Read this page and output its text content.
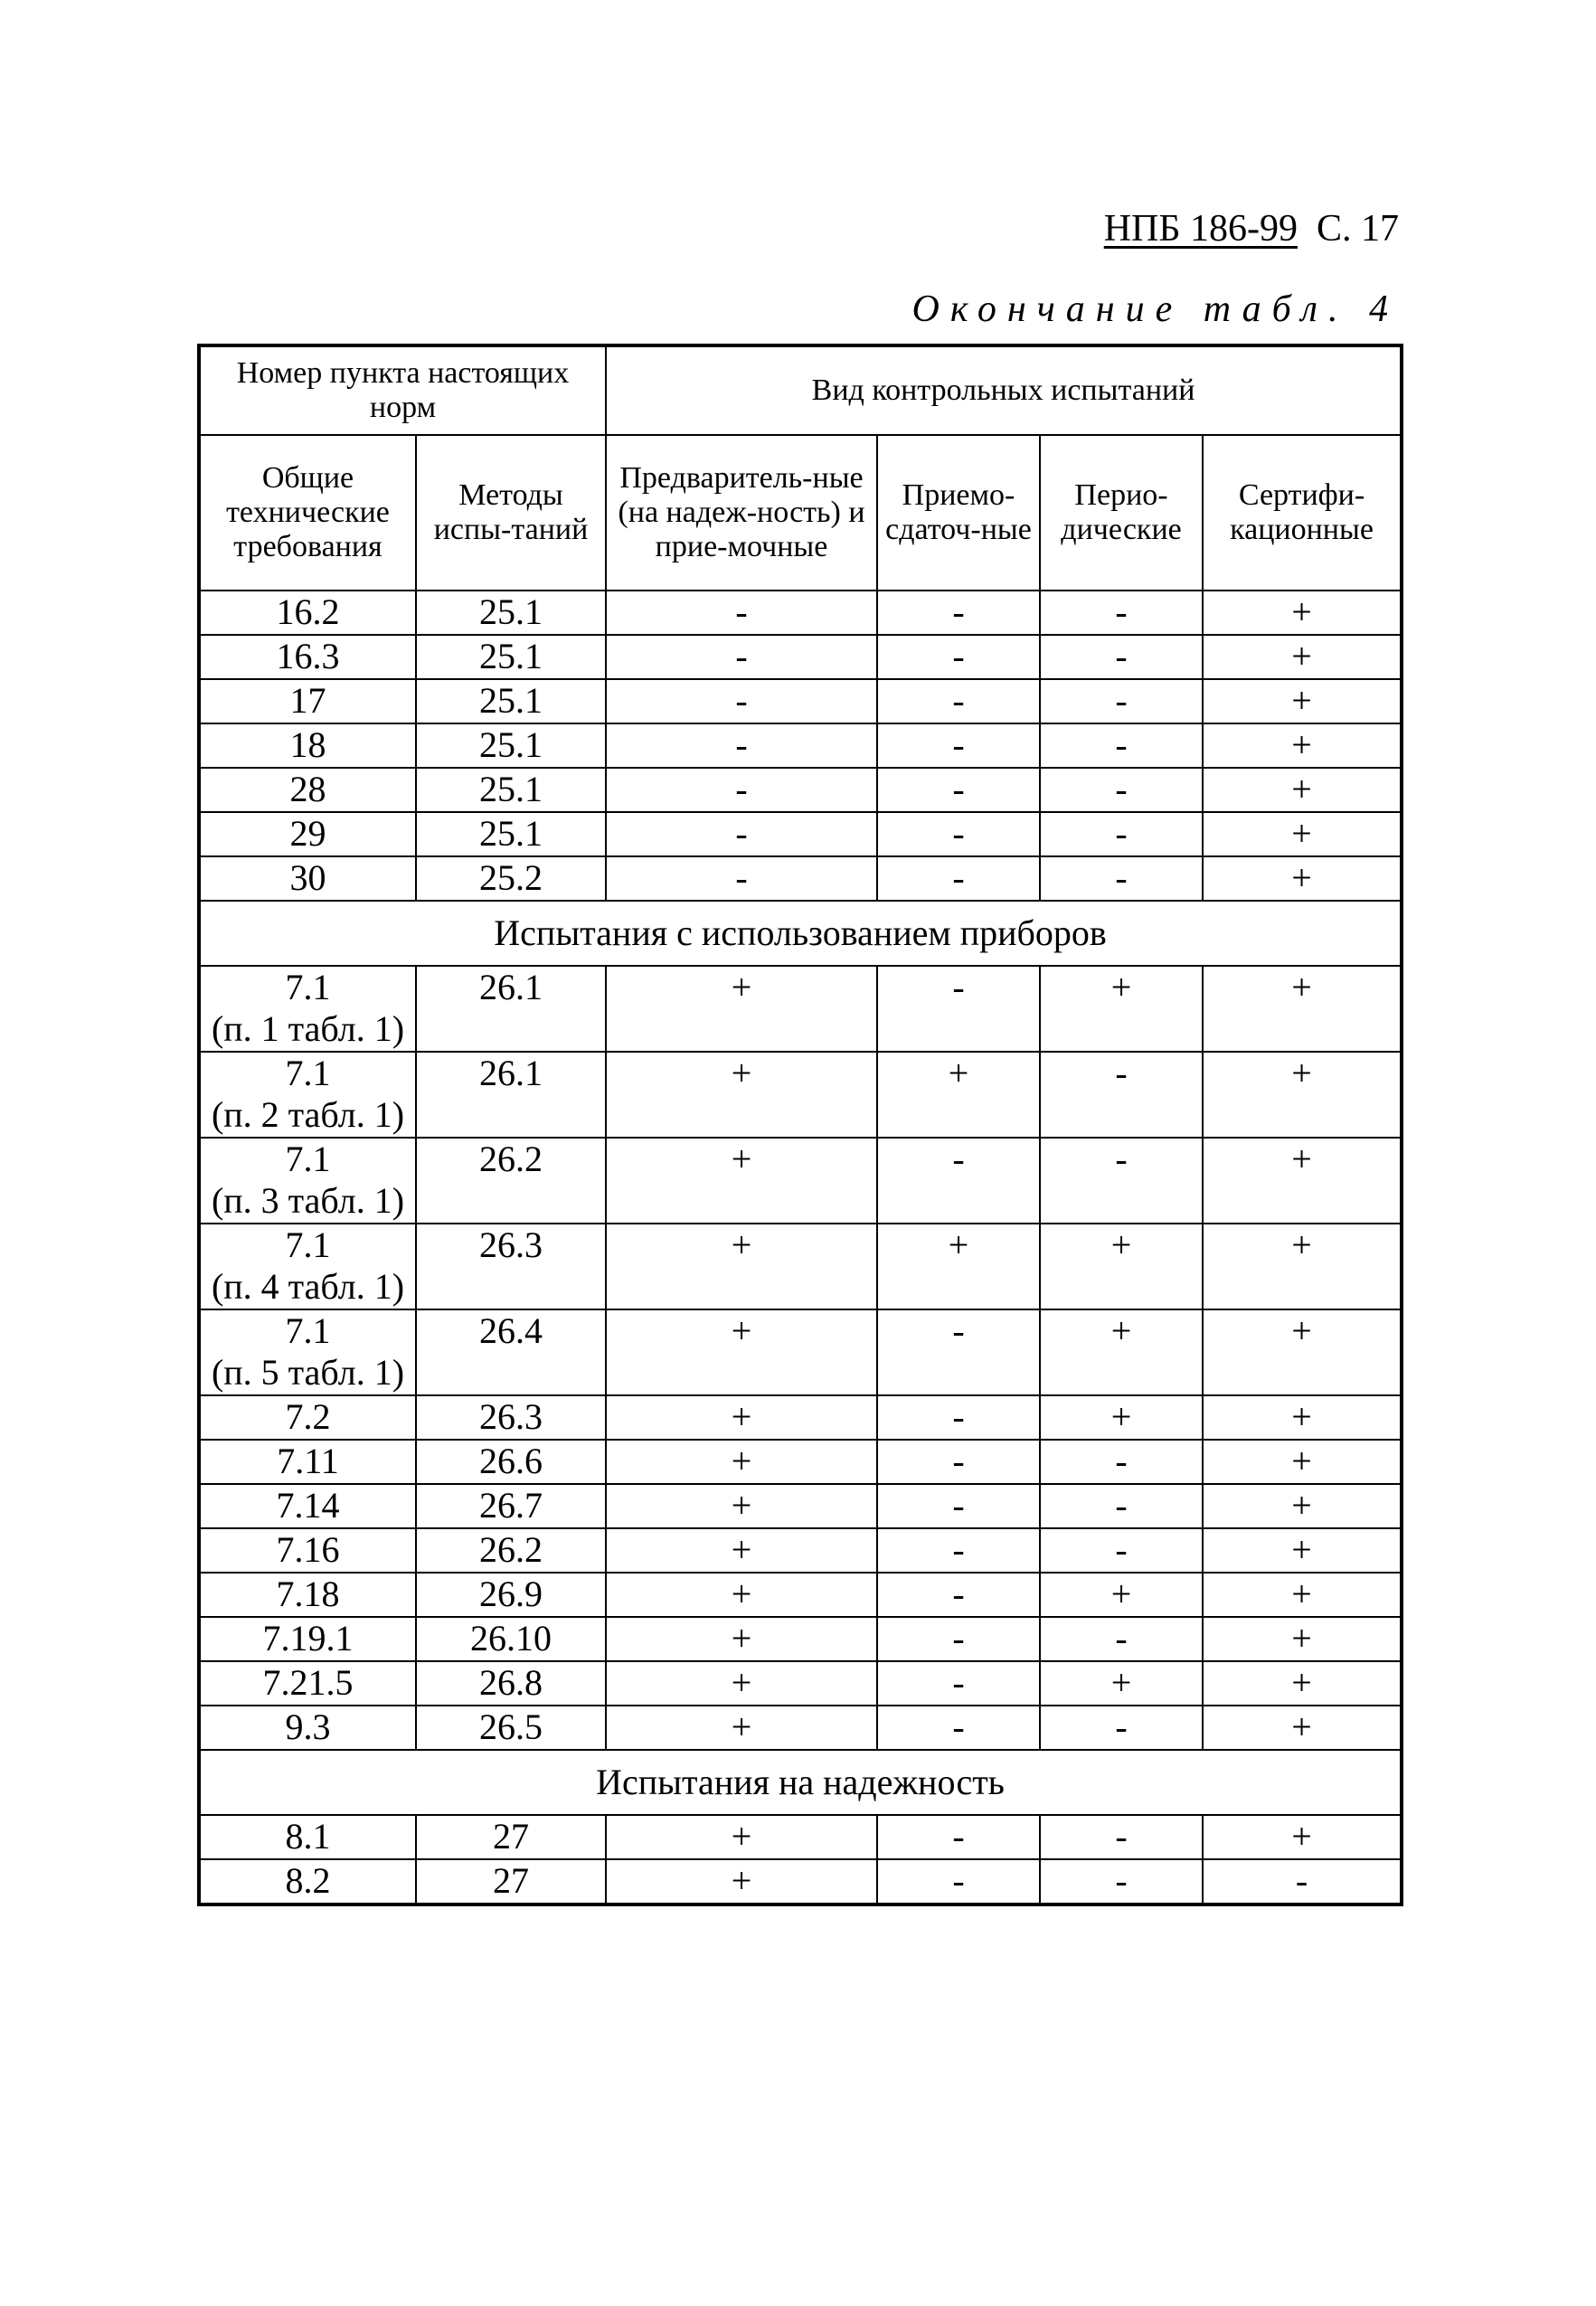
НПБ 186-99 С. 17
Окончание табл. 4
Номер пункта настоящих норм		Вид контрольных испытаний			
Общие технические требования	Методы испы-таний	Предваритель-ные (на надеж-ность) и прие-мочные	Приемо-сдаточ-ные	Перио-дические	Сертифи-кационные
16.2	25.1	-	-	-	+
16.3	25.1	-	-	-	+
17	25.1	-	-	-	+
18	25.1	-	-	-	+
28	25.1	-	-	-	+
29	25.1	-	-	-	+
30	25.2	-	-	-	+
Испытания с использованием приборов					
7.1
(п. 1 табл. 1)	26.1	+	-	+	+
7.1
(п. 2 табл. 1)	26.1	+	+	-	+
7.1
(п. 3 табл. 1)	26.2	+	-	-	+
7.1
(п. 4 табл. 1)	26.3	+	+	+	+
7.1
(п. 5 табл. 1)	26.4	+	-	+	+
7.2	26.3	+	-	+	+
7.11	26.6	+	-	-	+
7.14	26.7	+	-	-	+
7.16	26.2	+	-	-	+
7.18	26.9	+	-	+	+
7.19.1	26.10	+	-	-	+
7.21.5	26.8	+	-	+	+
9.3	26.5	+	-	-	+
Испытания на надежность					
8.1	27	+	-	-	+
8.2	27	+	-	-	-
